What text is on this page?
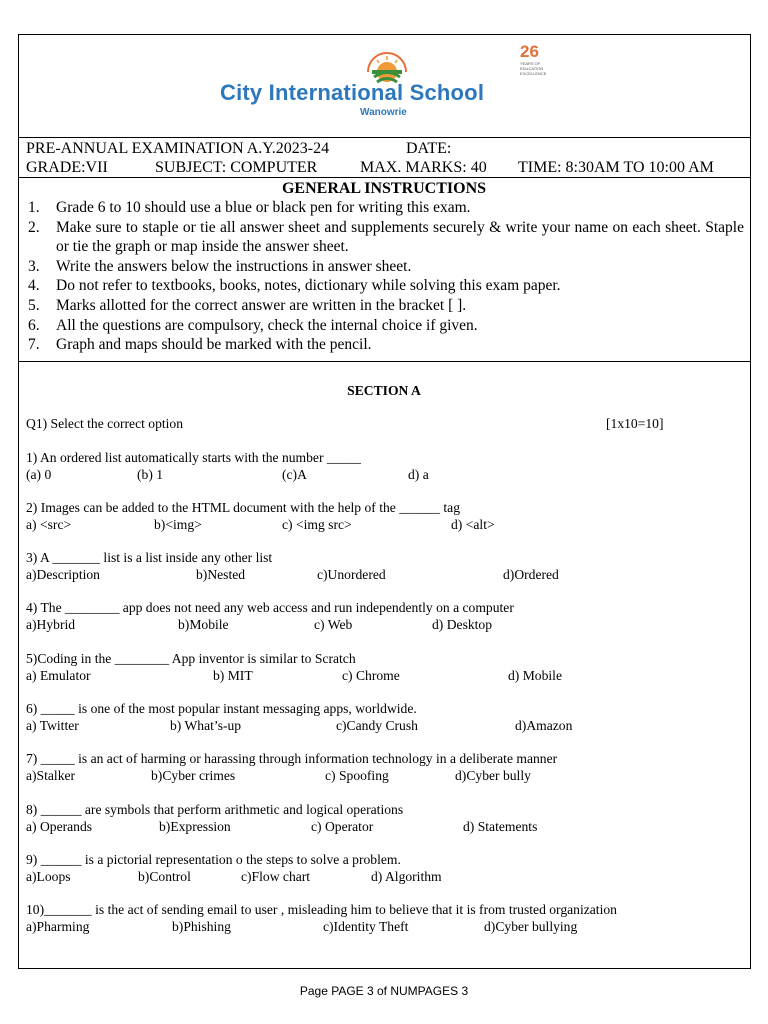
City International School
Wanowrie
26
YEARS OF EDUCATION EXCELLENCE
PRE-ANNUAL EXAMINATION A.Y.2023-24	DATE:
GRADE:VII	SUBJECT: COMPUTER	MAX. MARKS: 40 TIME: 8:30AM TO 10:00 AM
GENERAL INSTRUCTIONS
1. Grade 6 to 10 should use a blue or black pen for writing this exam.
2. Make sure to staple or tie all answer sheet and supplements securely & write your name on each sheet. Staple or tie the graph or map inside the answer sheet.
3. Write the answers below the instructions in answer sheet.
4. Do not refer to textbooks, books, notes, dictionary while solving this exam paper.
5. Marks allotted for the correct answer are written in the bracket [ ].
6. All the questions are compulsory, check the internal choice if given.
7. Graph and maps should be marked with the pencil.
SECTION A
Q1) Select the correct option	[1x10=10]
1) An ordered list automatically starts with the number _____
(a) 0	(b) 1	(c)A	d) a
2) Images can be added to the HTML document with the help of the ______ tag
a) <src>	b)<img>	c) <img src>	d) <alt>
3) A _______ list is a list inside any other list
a)Description	b)Nested	c)Unordered	d)Ordered
4) The ________ app does not need any web access and run independently on a computer
a)Hybrid	b)Mobile	c) Web	d) Desktop
5)Coding in the ________ App inventor is similar to Scratch
a) Emulator	b) MIT	c) Chrome	d) Mobile
6) _____ is one of the most popular instant messaging apps, worldwide.
a) Twitter	b) What’s-up	c)Candy Crush	d)Amazon
7) _____ is an act of harming or harassing through information technology in a deliberate manner
a)Stalker	b)Cyber crimes	c) Spoofing	d)Cyber bully
8) ______ are symbols that perform arithmetic and logical operations
a) Operands	b)Expression	c) Operator	d) Statements
9) ______ is a pictorial representation o the steps to solve a problem.
a)Loops	b)Control	c)Flow chart	d) Algorithm
10)_______ is the act of sending email to user , misleading him to believe that it is from trusted organization
a)Pharming	b)Phishing	c)Identity Theft	d)Cyber bullying
Page PAGE 3 of NUMPAGES 3
